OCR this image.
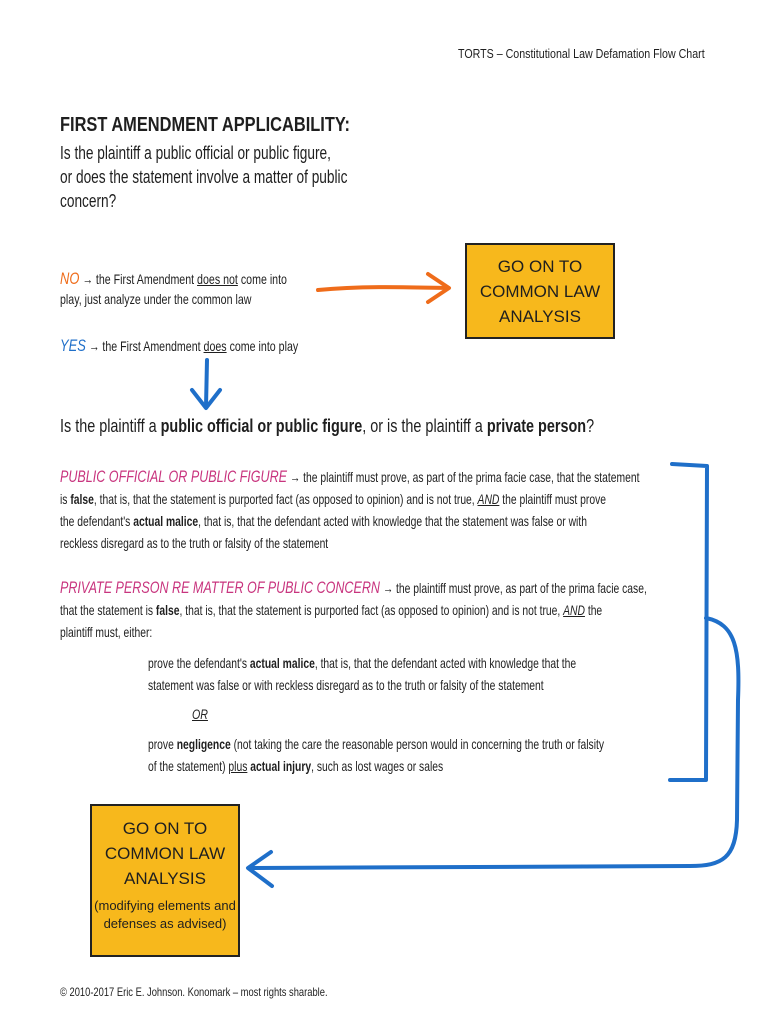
TORTS – Constitutional Law Defamation Flow Chart
FIRST AMENDMENT APPLICABILITY:
Is the plaintiff a public official or public figure,
or does the statement involve a matter of public
concern?
NO → the First Amendment does not come into
play, just analyze under the common law
YES → the First Amendment does come into play
GO ON TO
COMMON LAW
ANALYSIS
Is the plaintiff a public official or public figure, or is the plaintiff a private person?
PUBLIC OFFICIAL OR PUBLIC FIGURE → the plaintiff must prove, as part of the prima facie case, that the statement
is false, that is, that the statement is purported fact (as opposed to opinion) and is not true, AND the plaintiff must prove
the defendant's actual malice, that is, that the defendant acted with knowledge that the statement was false or with
reckless disregard as to the truth or falsity of the statement
PRIVATE PERSON RE MATTER OF PUBLIC CONCERN → the plaintiff must prove, as part of the prima facie case,
that the statement is false, that is, that the statement is purported fact (as opposed to opinion) and is not true, AND the
plaintiff must, either:
prove the defendant's actual malice, that is, that the defendant acted with knowledge that the
statement was false or with reckless disregard as to the truth or falsity of the statement
OR
prove negligence (not taking the care the reasonable person would in concerning the truth or falsity
of the statement) plus actual injury, such as lost wages or sales
GO ON TO
COMMON LAW
ANALYSIS
(modifying elements and
defenses as advised)
© 2010-2017 Eric E. Johnson. Konomark – most rights sharable.
